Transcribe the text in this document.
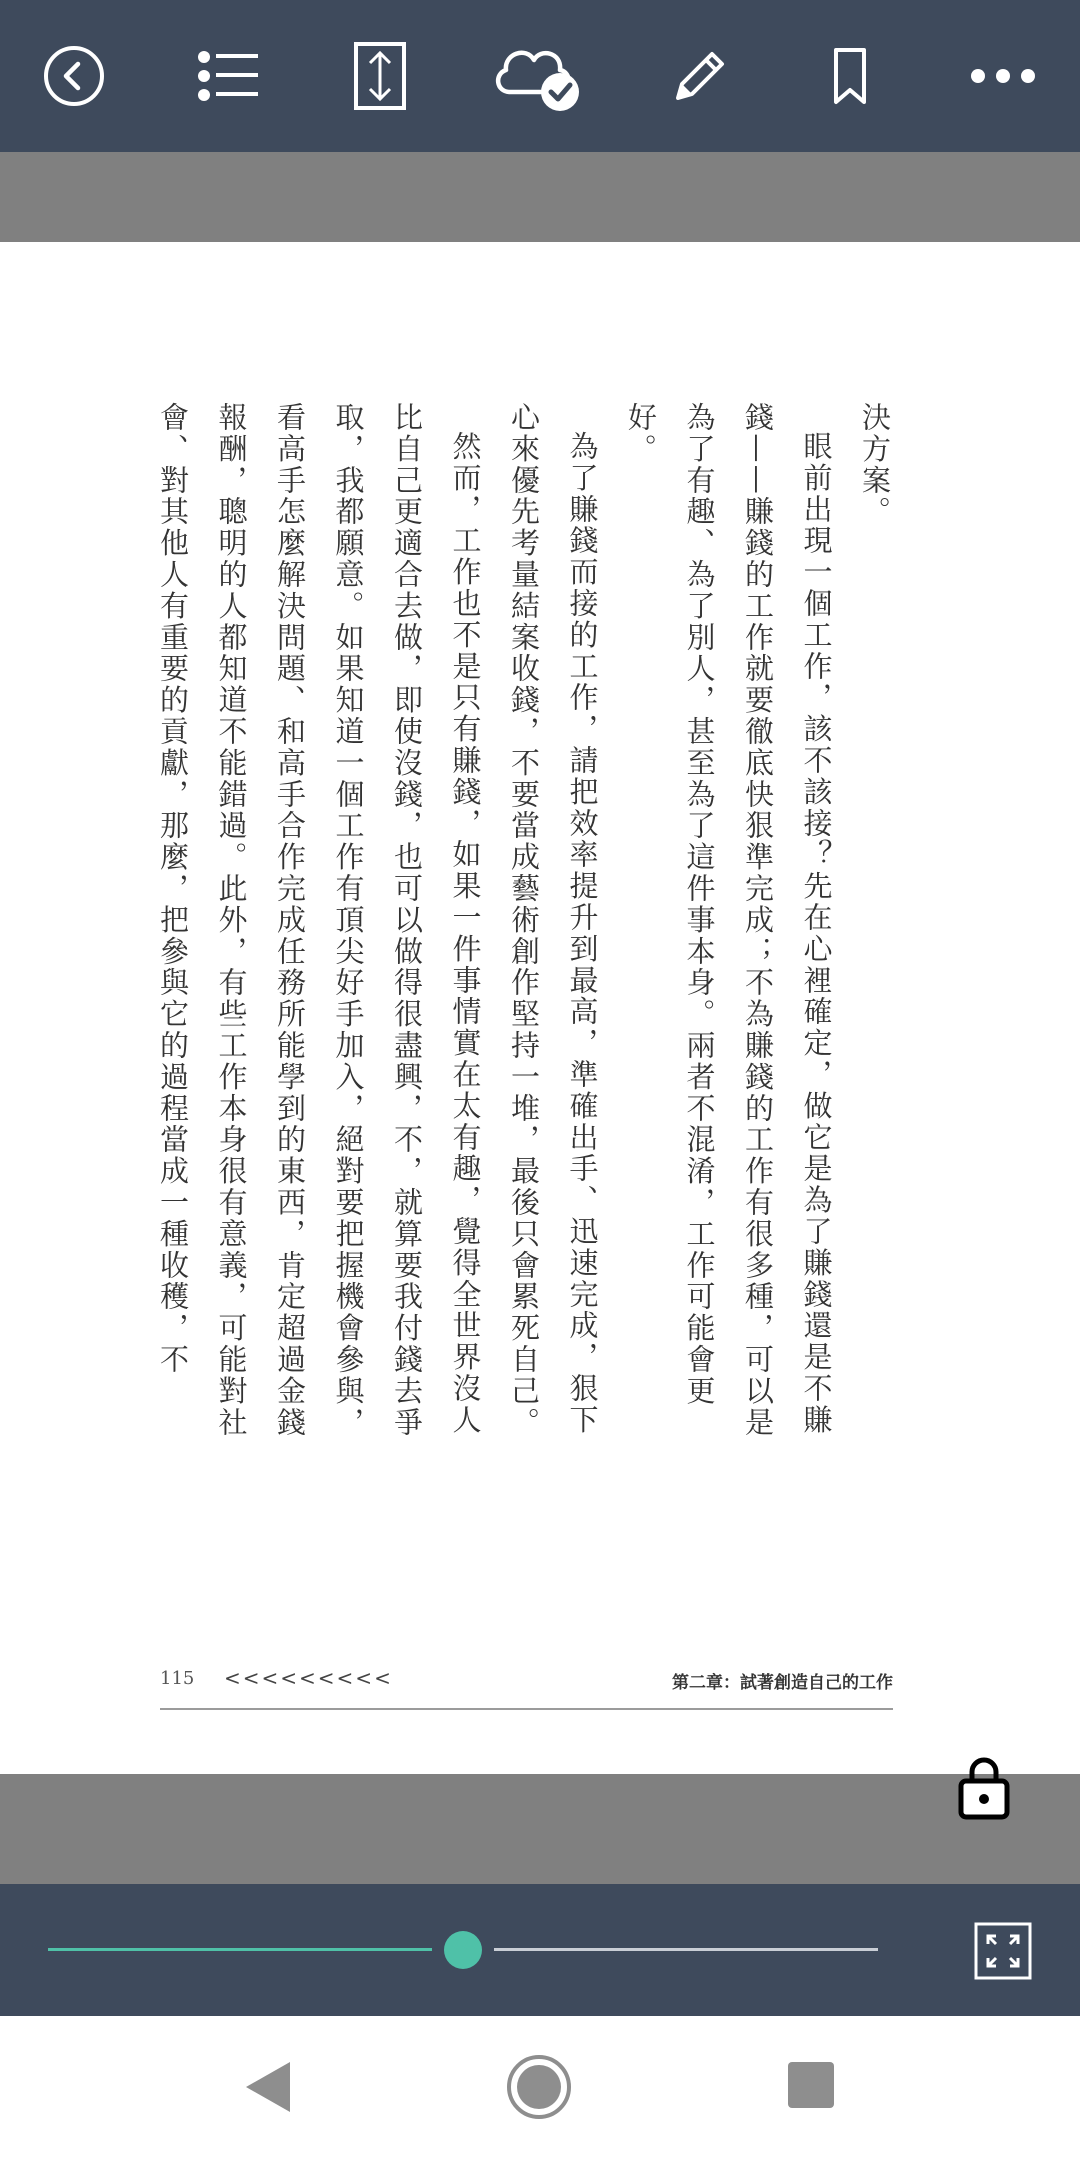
決方案。

眼前出現一個工作，該不該接？先在心裡確定，做它是為了賺錢還是不賺錢——賺錢的工作就要徹底快狠準完成；不為賺錢的工作有很多種，可以是為了有趣、為了別人，甚至為了這件事本身。兩者不混淆，工作可能會更好。

為了賺錢而接的工作，請把效率提升到最高，準確出手、迅速完成，狠下心來優先考量結案收錢，不要當成藝術創作堅持一堆，最後只會累死自己。

然而，工作也不是只有賺錢，如果一件事情實在太有趣，覺得全世界沒人比自己更適合去做，即使沒錢，也可以做得很盡興，不，就算要我付錢去爭取，我都願意。如果知道一個工作有頂尖好手加入，絕對要把握機會參與，看高手怎麼解決問題、和高手合作完成任務所能學到的東西，肯定超過金錢報酬，聰明的人都知道不能錯過。此外，有些工作本身很有意義，可能對社會、對其他人有重要的貢獻，那麼，把參與它的過程當成一種收穫，不

115 <<<<<<<<<	第二章：試著創造自己的工作
